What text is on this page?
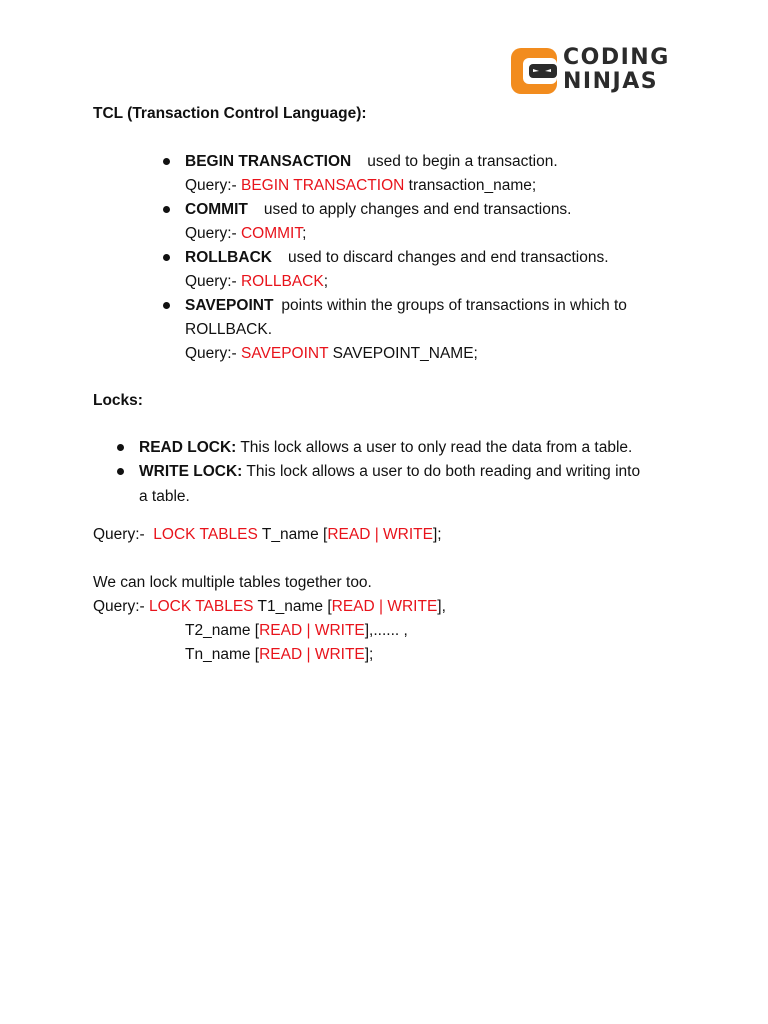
CODING
NINJAS
TCL (Transaction Control Language):
BEGIN TRANSACTION used to begin a transaction.
Query:- BEGIN TRANSACTION transaction_name;
COMMIT used to apply changes and end transactions.
Query:- COMMIT;
ROLLBACK used to discard changes and end transactions.
Query:- ROLLBACK;
SAVEPOINT points within the groups of transactions in which to
ROLLBACK.
Query:- SAVEPOINT SAVEPOINT_NAME;
Locks:
READ LOCK: This lock allows a user to only read the data from a table.
WRITE LOCK: This lock allows a user to do both reading and writing into
a table.
Query:-  LOCK TABLES T_name [READ | WRITE];
We can lock multiple tables together too.
Query:- LOCK TABLES T1_name [READ | WRITE],
T2_name [READ | WRITE],...... ,
Tn_name [READ | WRITE];
